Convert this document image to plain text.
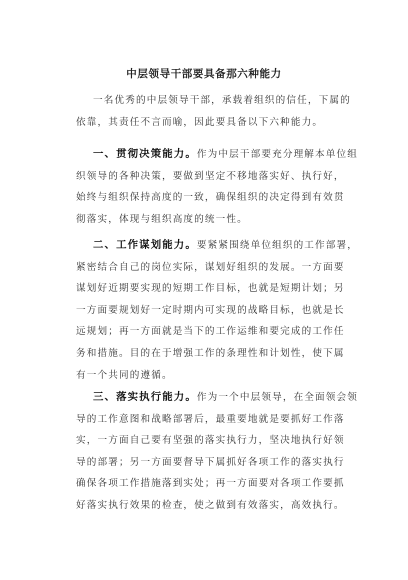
中层领导干部要具备那六种能力
一名优秀的中层领导干部，承载着组织的信任，下属的
依靠，其责任不言而喻，因此要具备以下六种能力。
一、贯彻决策能力。作为中层干部要充分理解本单位组
织领导的各种决策，要做到坚定不移地落实好、执行好，
始终与组织保持高度的一致，确保组织的决定得到有效贯
彻落实，体现与组织高度的统一性。
二、工作谋划能力。要紧紧围绕单位组织的工作部署，
紧密结合自己的岗位实际，谋划好组织的发展。一方面要
谋划好近期要实现的短期工作目标，也就是短期计划；另
一方面要规划好一定时期内可实现的战略目标，也就是长
远规划；再一方面就是当下的工作运维和要完成的工作任
务和措施。目的在于增强工作的条理性和计划性，使下属
有一个共同的遵循。
三、落实执行能力。作为一个中层领导，在全面领会领
导的工作意图和战略部署后，最重要地就是要抓好工作落
实，一方面自己要有坚强的落实执行力，坚决地执行好领
导的部署；另一方面要督导下属抓好各项工作的落实执行
确保各项工作措施落到实处；再一方面要对各项工作要抓
好落实执行效果的检查，使之做到有效落实，高效执行。
